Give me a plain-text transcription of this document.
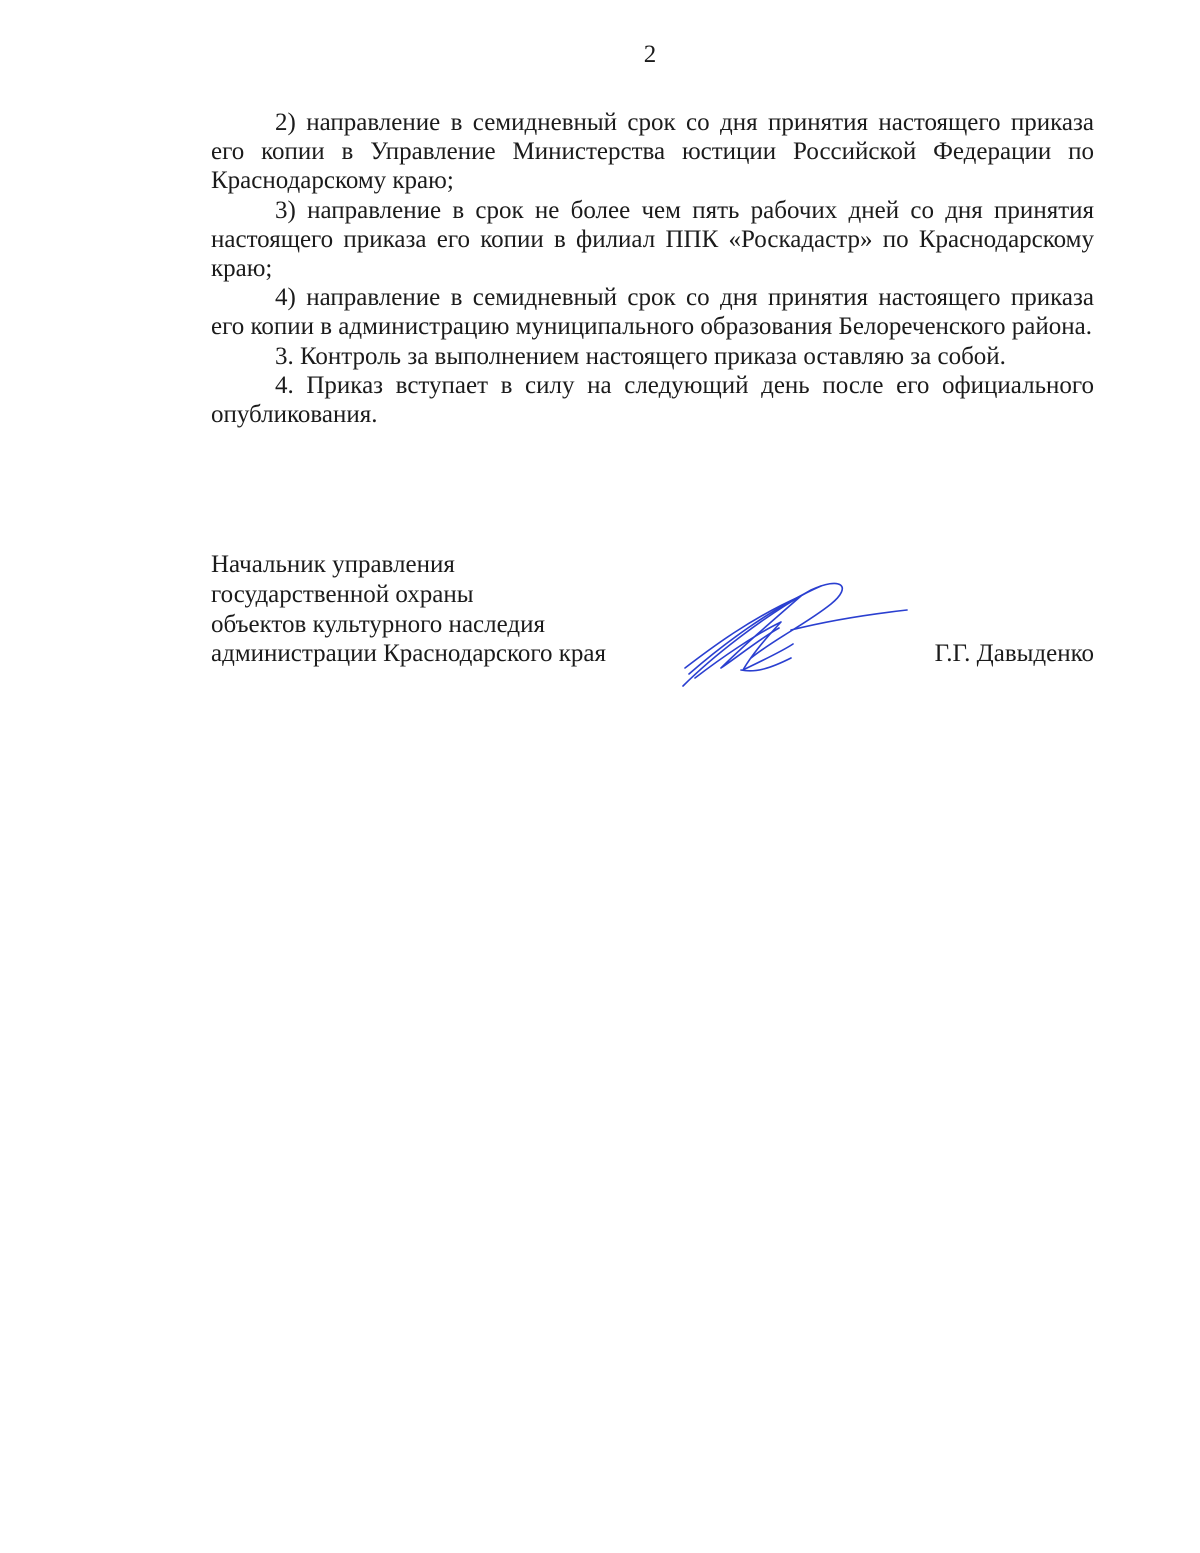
2

2) направление в семидневный срок со дня принятия настоящего приказа его копии в Управление Министерства юстиции Российской Федерации по Краснодарскому краю;

3) направление в срок не более чем пять рабочих дней со дня принятия настоящего приказа его копии в филиал ППК «Роскадастр» по Краснодарскому краю;

4) направление в семидневный срок со дня принятия настоящего приказа его копии в администрацию муниципального образования Белореченского района.

3. Контроль за выполнением настоящего приказа оставляю за собой.

4. Приказ вступает в силу на следующий день после его официального опубликования.

Начальник управления
государственной охраны
объектов культурного наследия
администрации Краснодарского края	Г.Г. Давыденко
